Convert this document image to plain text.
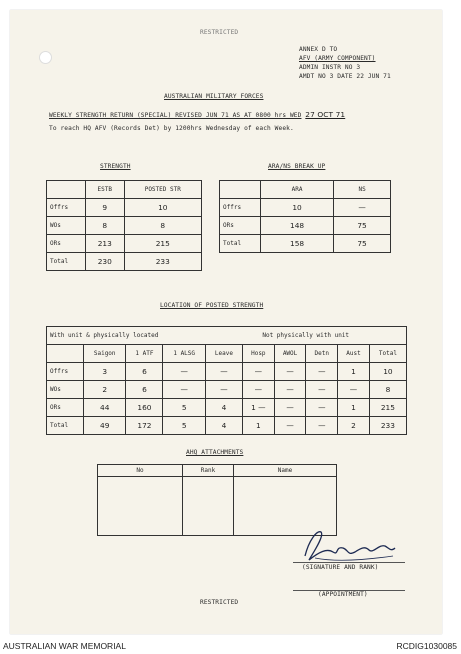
RESTRICTED
ANNEX D TO
AFV (ARMY COMPONENT)
ADMIN INSTR NO 3
AMDT NO 3 DATE 22 JUN 71
AUSTRALIAN MILITARY FORCES
WEEKLY STRENGTH RETURN (SPECIAL) REVISED JUN 71 AS AT 0800 hrs WED 27 OCT 71
To reach HQ AFV (Records Det) by 1200hrs Wednesday of each Week.
STRENGTH
	ESTB	POSTED STR
Offrs	9	10
WOs	8	8
ORs	213	215
Total	230	233
ARA/NS BREAK UP
	ARA	NS
Offrs	10	—
ORs	148	75
Total	158	75
LOCATION OF POSTED STRENGTH
With unit & physically located				Not physically with unit					
	Saigon	1 ATF	1 ALSG	Leave	Hosp	AWOL	Detn	Aust	Total
Offrs	3	6	—	—	—	—	—	1	10
WOs	2	6	—	—	—	—	—	—	8
ORs	44	160	5	4	1 —	—	—	1	215
Total	49	172	5	4	1	—	—	2	233
AHQ ATTACHMENTS
No	Rank	Name

(SIGNATURE AND RANK)
(APPOINTMENT)
RESTRICTED
AUSTRALIAN WAR MEMORIAL	RCDIG1030085
